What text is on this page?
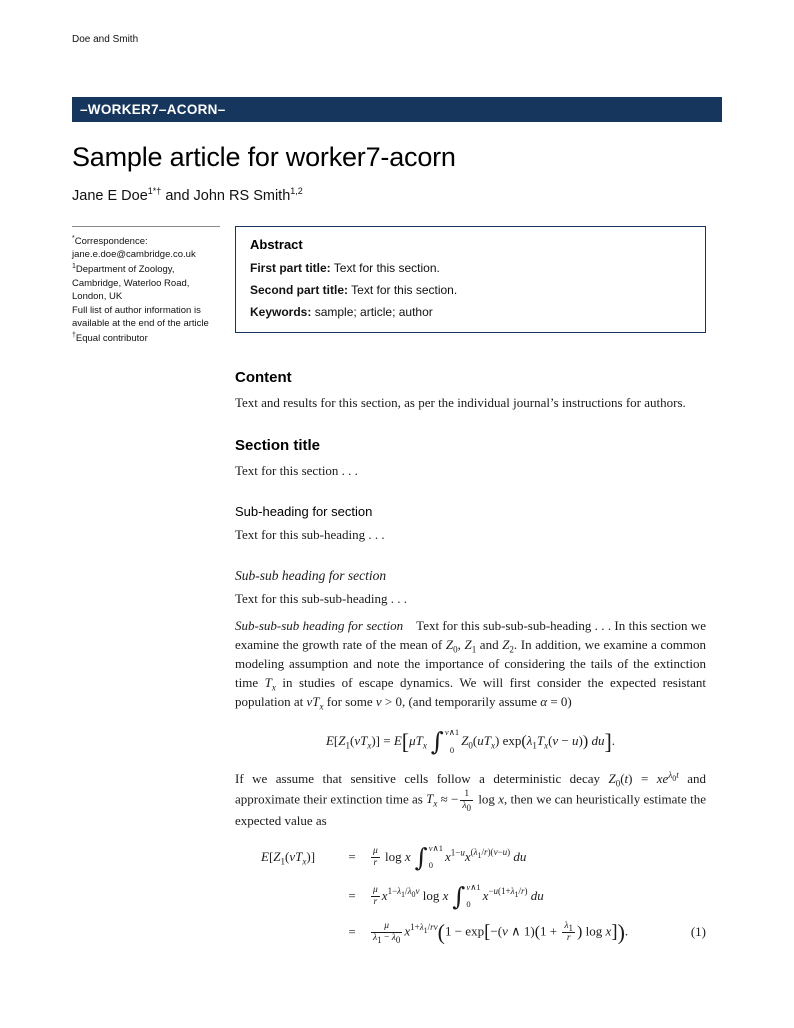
Doe and Smith
–WORKER7–ACORN–
Sample article for worker7-acorn
Jane E Doe$^{1*\dagger}$ and John RS Smith$^{1,2}$
*Correspondence:
jane.e.doe@cambridge.co.uk
$^1$Department of Zoology, Cambridge, Waterloo Road, London, UK
Full list of author information is available at the end of the article
†Equal contributor
Abstract
First part title: Text for this section.
Second part title: Text for this section.
Keywords: sample; article; author
Content

Text and results for this section, as per the individual journal’s instructions for authors.

Section title

Text for this section . . .

Sub-heading for section

Text for this sub-heading . . .

Sub-sub heading for section

Text for this sub-sub-heading . . .

Sub-sub-sub heading for section Text for this sub-sub-sub-heading . . . In this section we examine the growth rate of the mean of $Z_0$, $Z_1$ and $Z_2$. In addition, we examine a common modeling assumption and note the importance of considering the tails of the extinction time $T_x$ in studies of escape dynamics. We will first consider the expected resistant population at $vT_x$ for some v > 0, (and temporarily assume α = 0)

$E[Z_1(vT_x)] = E[\mu T_x$ ∫ v∧1
0
$Z_0(uT_x) \exp(\lambda_1T_x(v - u))$ du].

If we assume that sensitive cells follow a deterministic decay $Z_0(t) = xe^{\lambda_0t}$ and approximate their extinction time as $T_x$ ≈ − $\frac{1}{\lambda_0}$ log x, then we can heuristically estimate the expected value as

$E[Z_1(vT_x)]$	=	$\frac{\mu}{r}$ log x ∫ v∧1
0
$x^{1-u}x^{(\lambda_1/r)(v-u)}$ du
=	$\frac{\mu}{r} x^{1-\lambda_1/\lambda_0v}$ log x ∫ v∧1
0
$x^{-u(1+\lambda_1/r)}$ du
=	$\frac{\mu}{\lambda_1 - \lambda_0} x^{1+\lambda_1/rv}(1 - \exp[-(v$ ∧ $1)(1 + \frac{\lambda_1}{r}$ ) log x]).	(1)
